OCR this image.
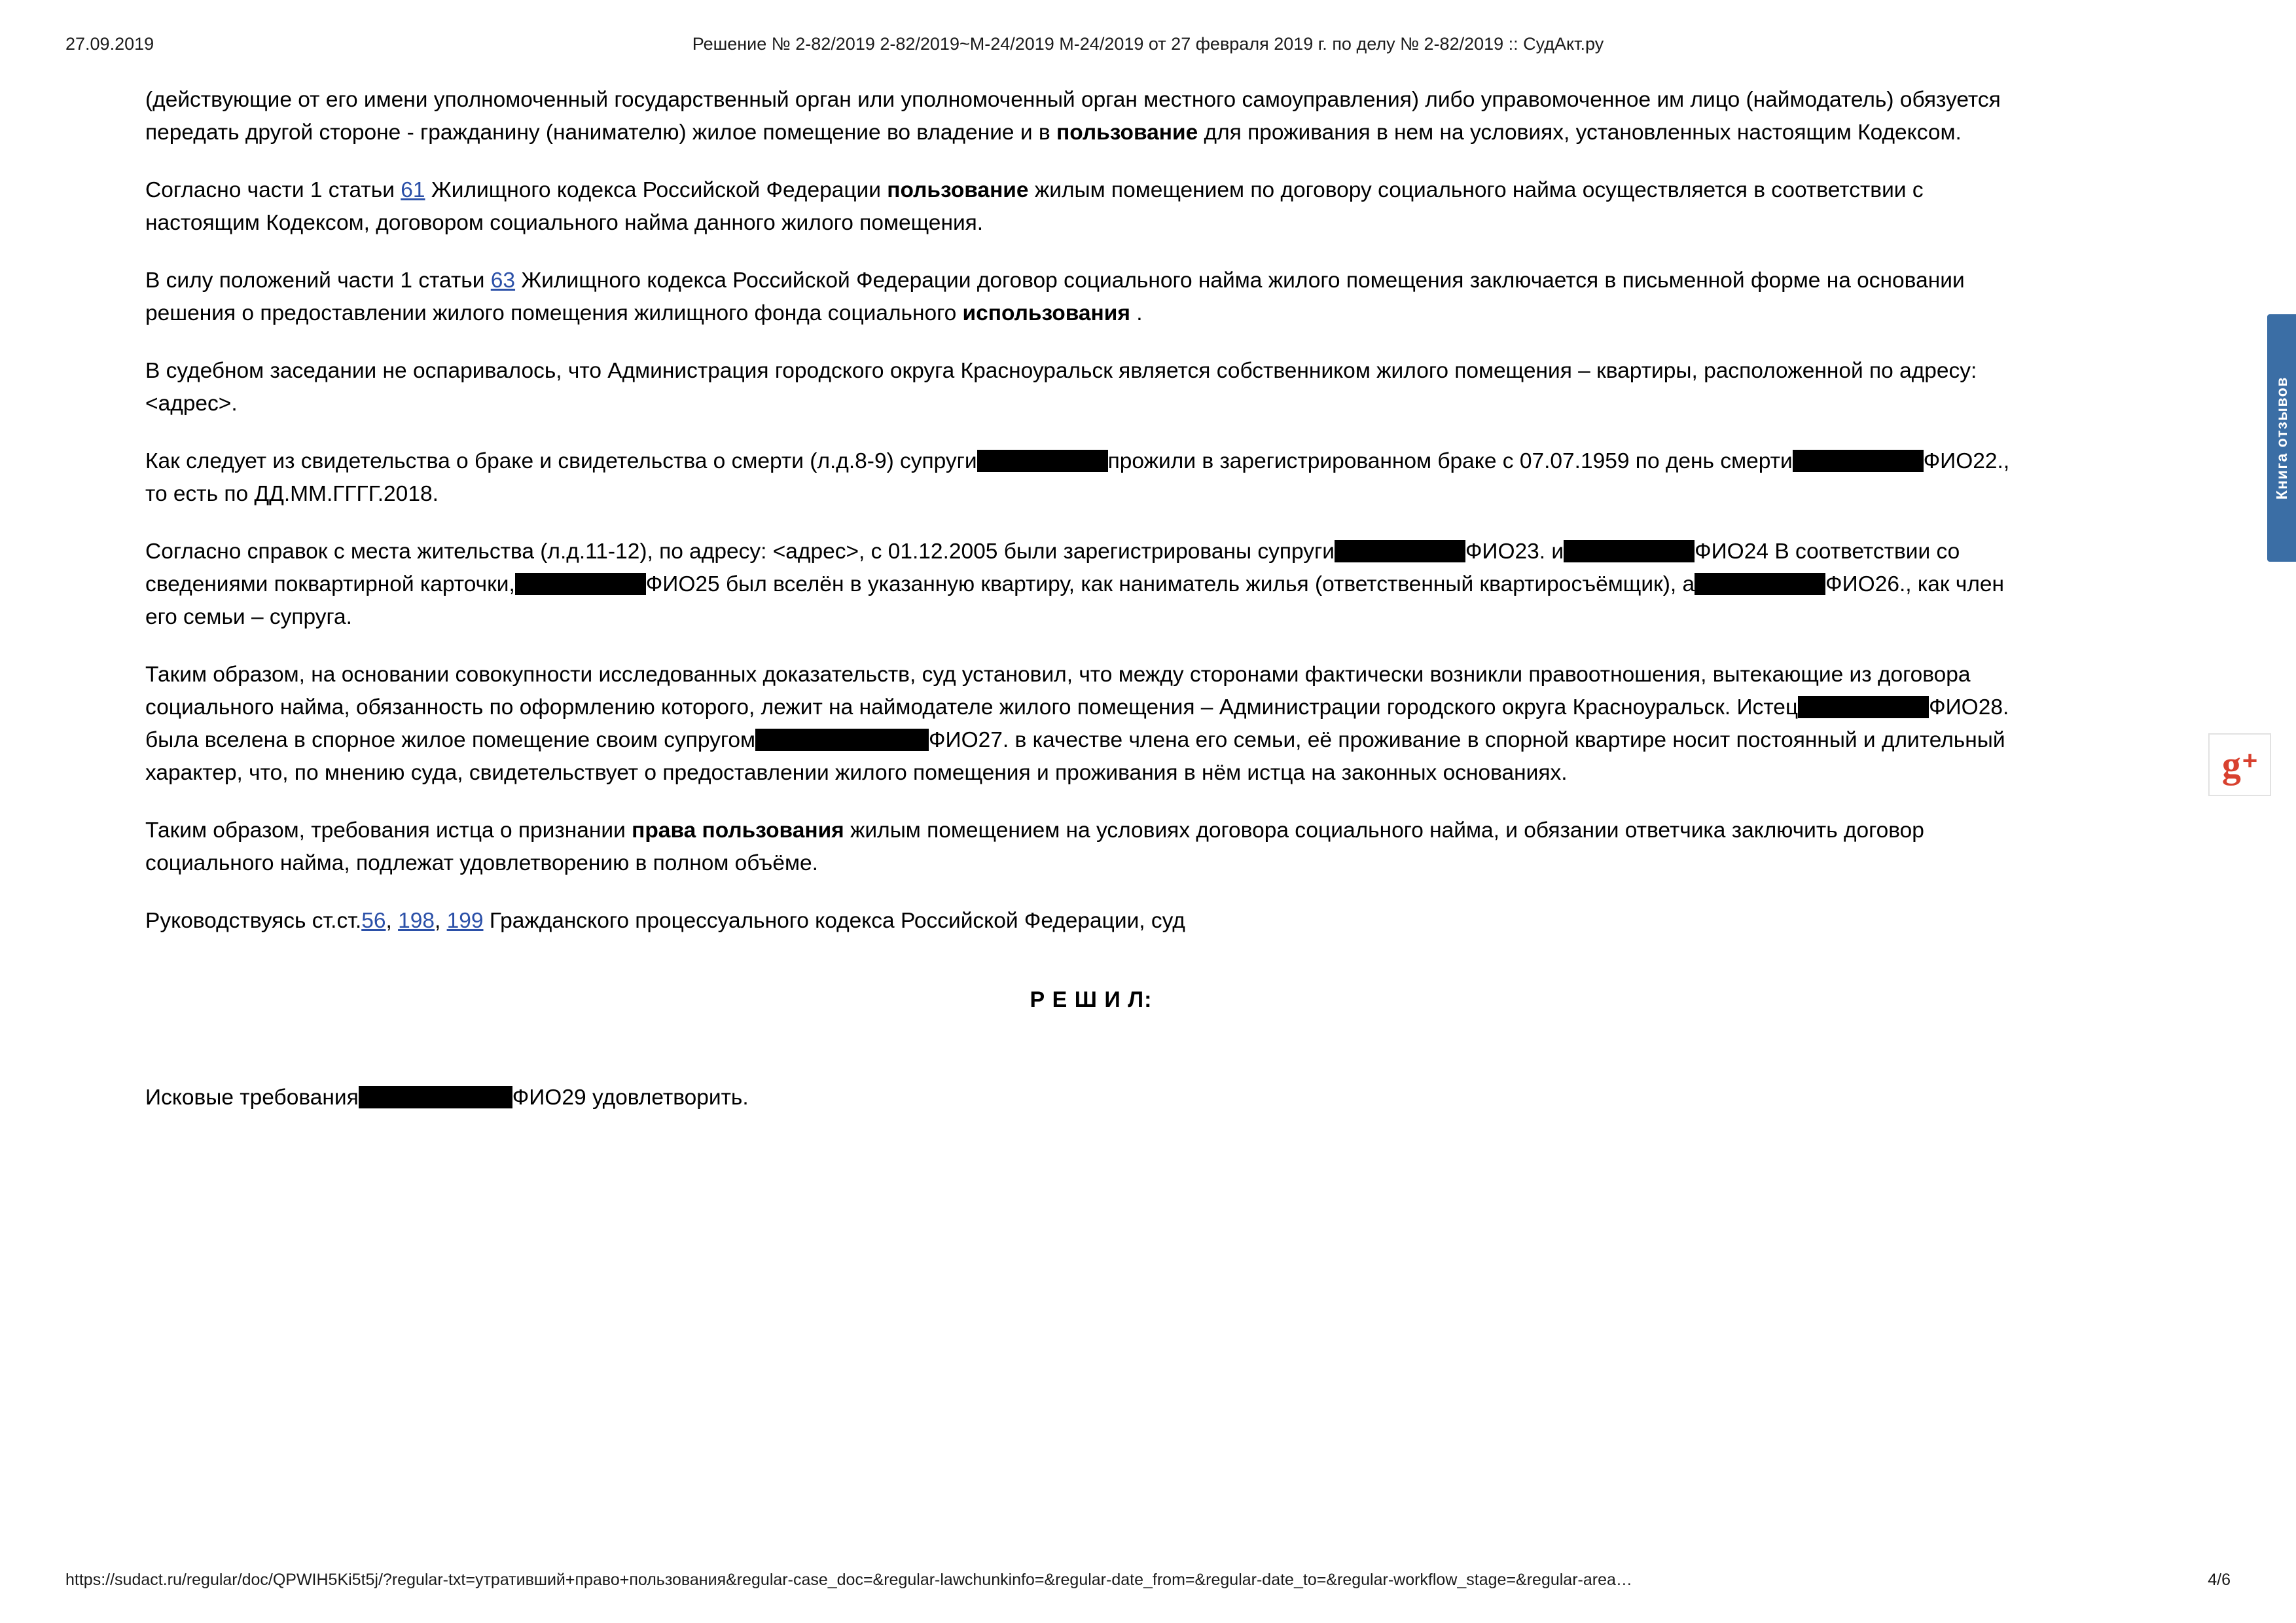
27.09.2019	Решение № 2-82/2019 2-82/2019~М-24/2019 М-24/2019 от 27 февраля 2019 г. по делу № 2-82/2019 :: СудАкт.ру

(действующие от его имени уполномоченный государственный орган или уполномоченный орган местного самоуправления) либо управомоченное им лицо (наймодатель) обязуется передать другой стороне - гражданину (нанимателю) жилое помещение во владение и в пользование для проживания в нем на условиях, установленных настоящим Кодексом.

Согласно части 1 статьи 61 Жилищного кодекса Российской Федерации пользование жилым помещением по договору социального найма осуществляется в соответствии с настоящим Кодексом, договором социального найма данного жилого помещения.

В силу положений части 1 статьи 63 Жилищного кодекса Российской Федерации договор социального найма жилого помещения заключается в письменной форме на основании решения о предоставлении жилого помещения жилищного фонда социального использования .

В судебном заседании не оспаривалось, что Администрация городского округа Красноуральск является собственником жилого помещения – квартиры, расположенной по адресу: <адрес>.

Как следует из свидетельства о браке и свидетельства о смерти (л.д.8-9) супруги	прожили в зарегистрированном браке с 07.07.1959 по день смерти	ФИО22., то есть по ДД.ММ.ГГГГ.2018.

Согласно справок с места жительства (л.д.11-12), по адресу: <адрес>, с 01.12.2005 были зарегистрированы супруги	ФИО23. и	ФИО24 В соответствии со сведениями поквартирной карточки,	ФИО25 был вселён в указанную квартиру, как наниматель жилья (ответственный квартиросъёмщик), а	ФИО26., как член его семьи – супруга.

Таким образом, на основании совокупности исследованных доказательств, суд установил, что между сторонами фактически возникли правоотношения, вытекающие из договора социального найма, обязанность по оформлению которого, лежит на наймодателе жилого помещения – Администрации городского округа Красноуральск. Истец	ФИО28. была вселена в спорное жилое помещение своим супругом	ФИО27. в качестве члена его семьи, её проживание в спорной квартире носит постоянный и длительный характер, что, по мнению суда, свидетельствует о предоставлении жилого помещения и проживания в нём истца на законных основаниях.

Таким образом, требования истца о признании права пользования жилым помещением на условиях договора социального найма, и обязании ответчика заключить договор социального найма, подлежат удовлетворению в полном объёме.

Руководствуясь ст.ст.56, 198, 199 Гражданского процессуального кодекса Российской Федерации, суд

Р Е Ш И Л:

Исковые требования	ФИО29 удовлетворить.

Книга отзывов
g +
https://sudact.ru/regular/doc/QPWIH5Ki5t5j/?regular-txt=утративший+право+пользования&regular-case_doc=&regular-lawchunkinfo=&regular-date_from=&regular-date_to=&regular-workflow_stage=&regular-area…	4/6
